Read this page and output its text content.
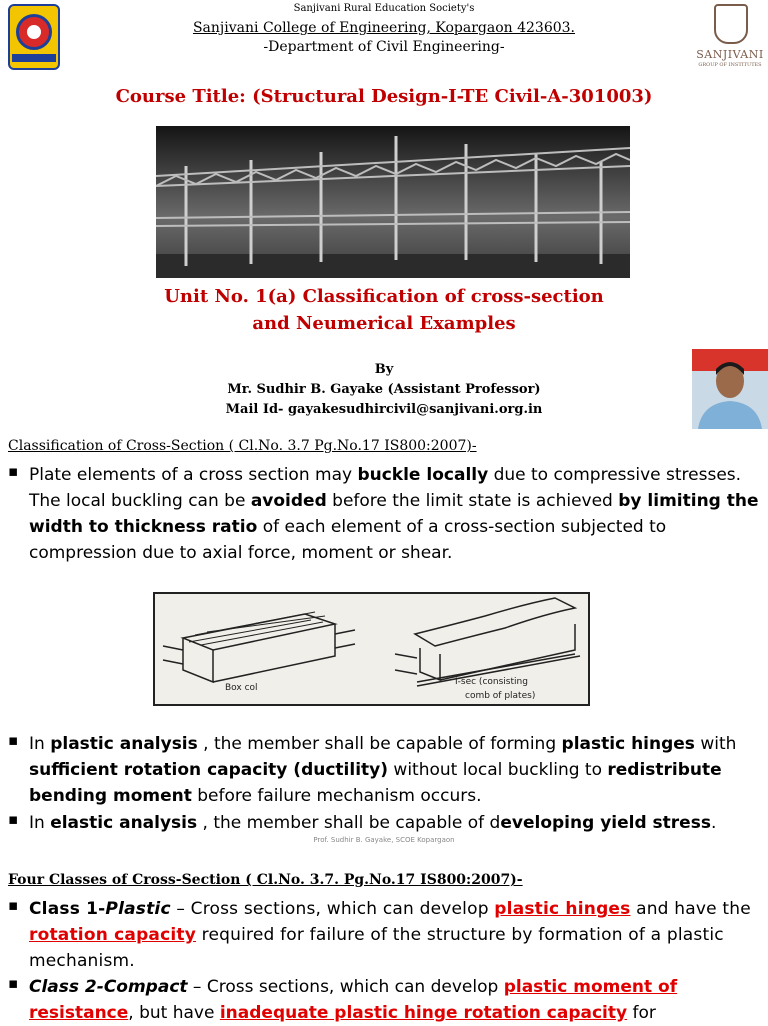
SANJIVANI
GROUP OF INSTITUTES
Sanjivani Rural Education Society's
Sanjivani College of Engineering, Kopargaon 423603.
-Department of Civil Engineering-
Course Title: (Structural Design-I-TE Civil-A-301003)
Unit No. 1(a) Classification of cross-section
and Neumerical Examples
By
Mr. Sudhir B. Gayake (Assistant Professor)
Mail Id- gayakesudhircivil@sanjivani.org.in
Classification of Cross-Section ( Cl.No. 3.7 Pg.No.17 IS800:2007)-
▪ Plate elements of a cross section may buckle locally due to compressive stresses. The local buckling can be avoided before the limit state is achieved by limiting the width to thickness ratio of each element of a cross-section subjected to compression due to axial force, moment or shear.
Box col
I-sec (consisting
comb of plates)
▪ In plastic analysis , the member shall be capable of forming plastic hinges with sufficient rotation capacity (ductility) without local buckling to redistribute bending moment before failure mechanism occurs.
▪ In elastic analysis , the member shall be capable of developing yield stress.
Prof. Sudhir B. Gayake, SCOE Kopargaon
Four Classes of Cross-Section ( Cl.No. 3.7. Pg.No.17 IS800:2007)-
▪ Class 1-Plastic – Cross sections, which can develop plastic hinges and have the rotation capacity required for failure of the structure by formation of a plastic mechanism.
▪ Class 2-Compact – Cross sections, which can develop plastic moment of resistance, but have inadequate plastic hinge rotation capacity for
